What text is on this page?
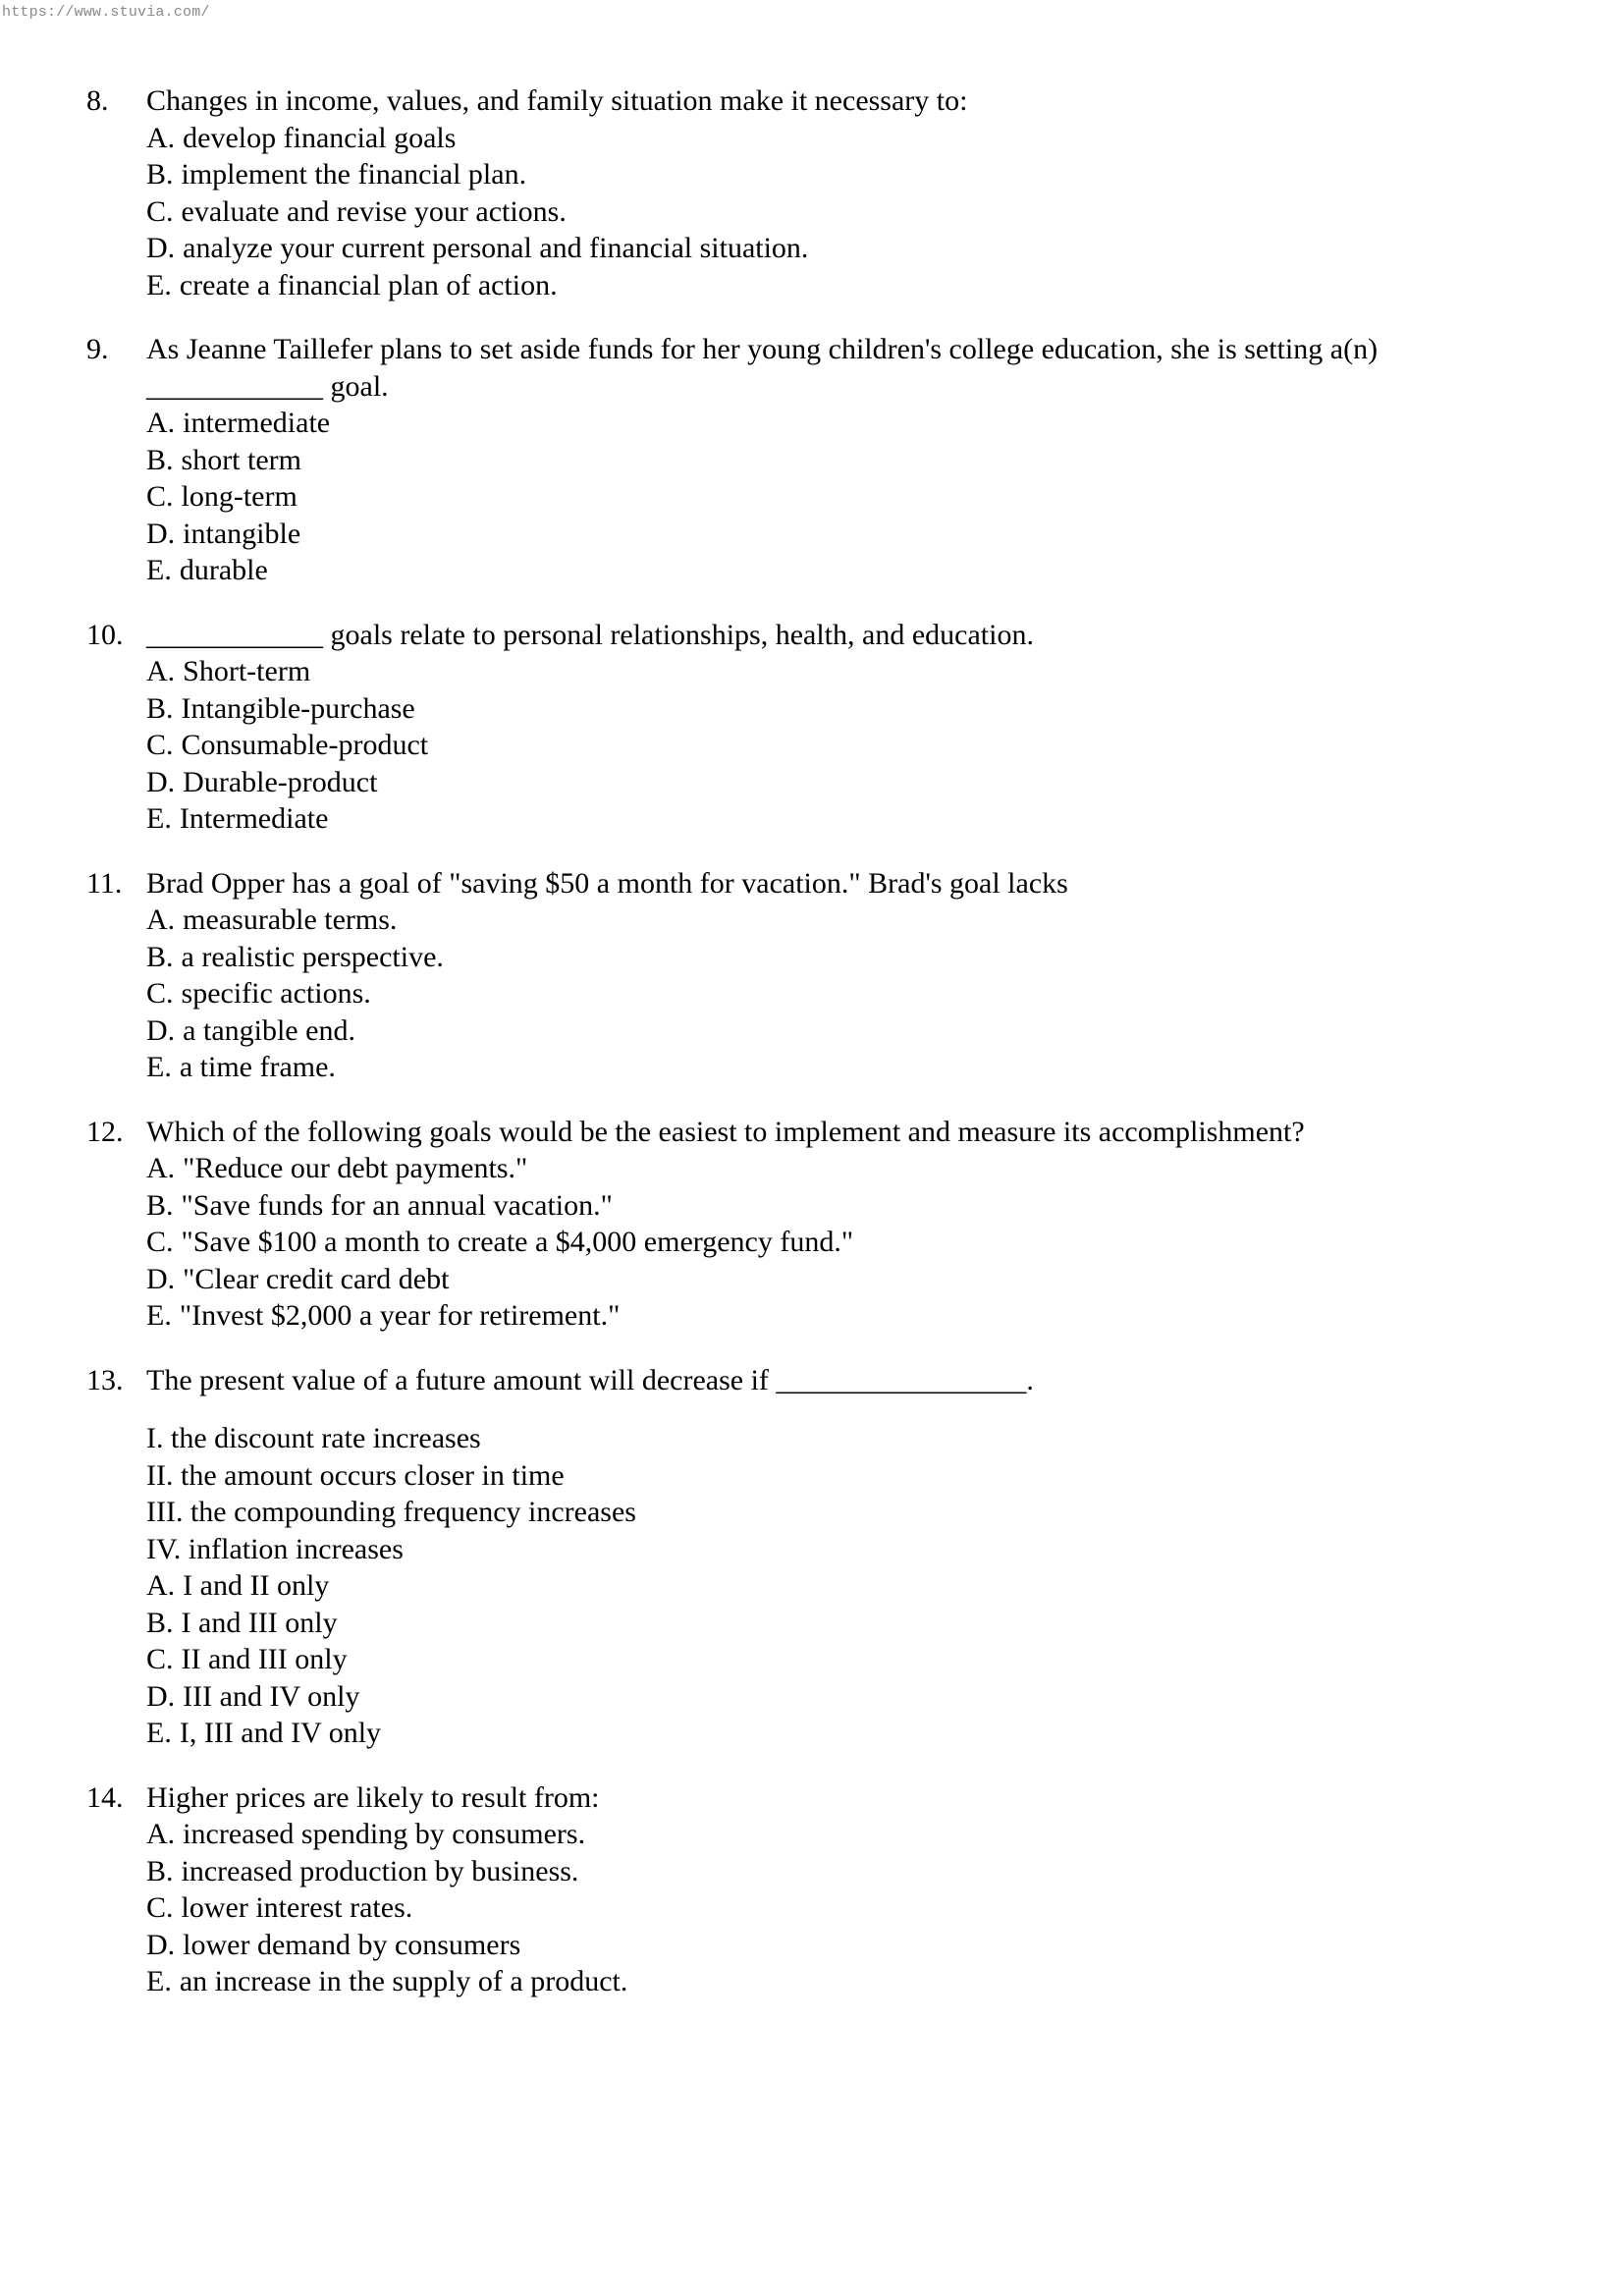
https://www.stuvia.com/
8.	Changes in income, values, and family situation make it necessary to:
A. develop financial goals
B. implement the financial plan.
C. evaluate and revise your actions.
D. analyze your current personal and financial situation.
E. create a financial plan of action.
9.	As Jeanne Taillefer plans to set aside funds for her young children's college education, she is setting a(n)
____________ goal.
A. intermediate
B. short term
C. long-term
D. intangible
E. durable
10. ____________ goals relate to personal relationships, health, and education.
A. Short-term
B. Intangible-purchase
C. Consumable-product
D. Durable-product
E. Intermediate
11. Brad Opper has a goal of "saving $50 a month for vacation." Brad's goal lacks
A. measurable terms.
B. a realistic perspective.
C. specific actions.
D. a tangible end.
E. a time frame.
12. Which of the following goals would be the easiest to implement and measure its accomplishment?
A. "Reduce our debt payments."
B. "Save funds for an annual vacation."
C. "Save $100 a month to create a $4,000 emergency fund."
D. "Clear credit card debt
E. "Invest $2,000 a year for retirement."
13. The present value of a future amount will decrease if _________________.
I. the discount rate increases
II. the amount occurs closer in time
III. the compounding frequency increases
IV. inflation increases
A. I and II only
B. I and III only
C. II and III only
D. III and IV only
E. I, III and IV only
14. Higher prices are likely to result from:
A. increased spending by consumers.
B. increased production by business.
C. lower interest rates.
D. lower demand by consumers
E. an increase in the supply of a product.
